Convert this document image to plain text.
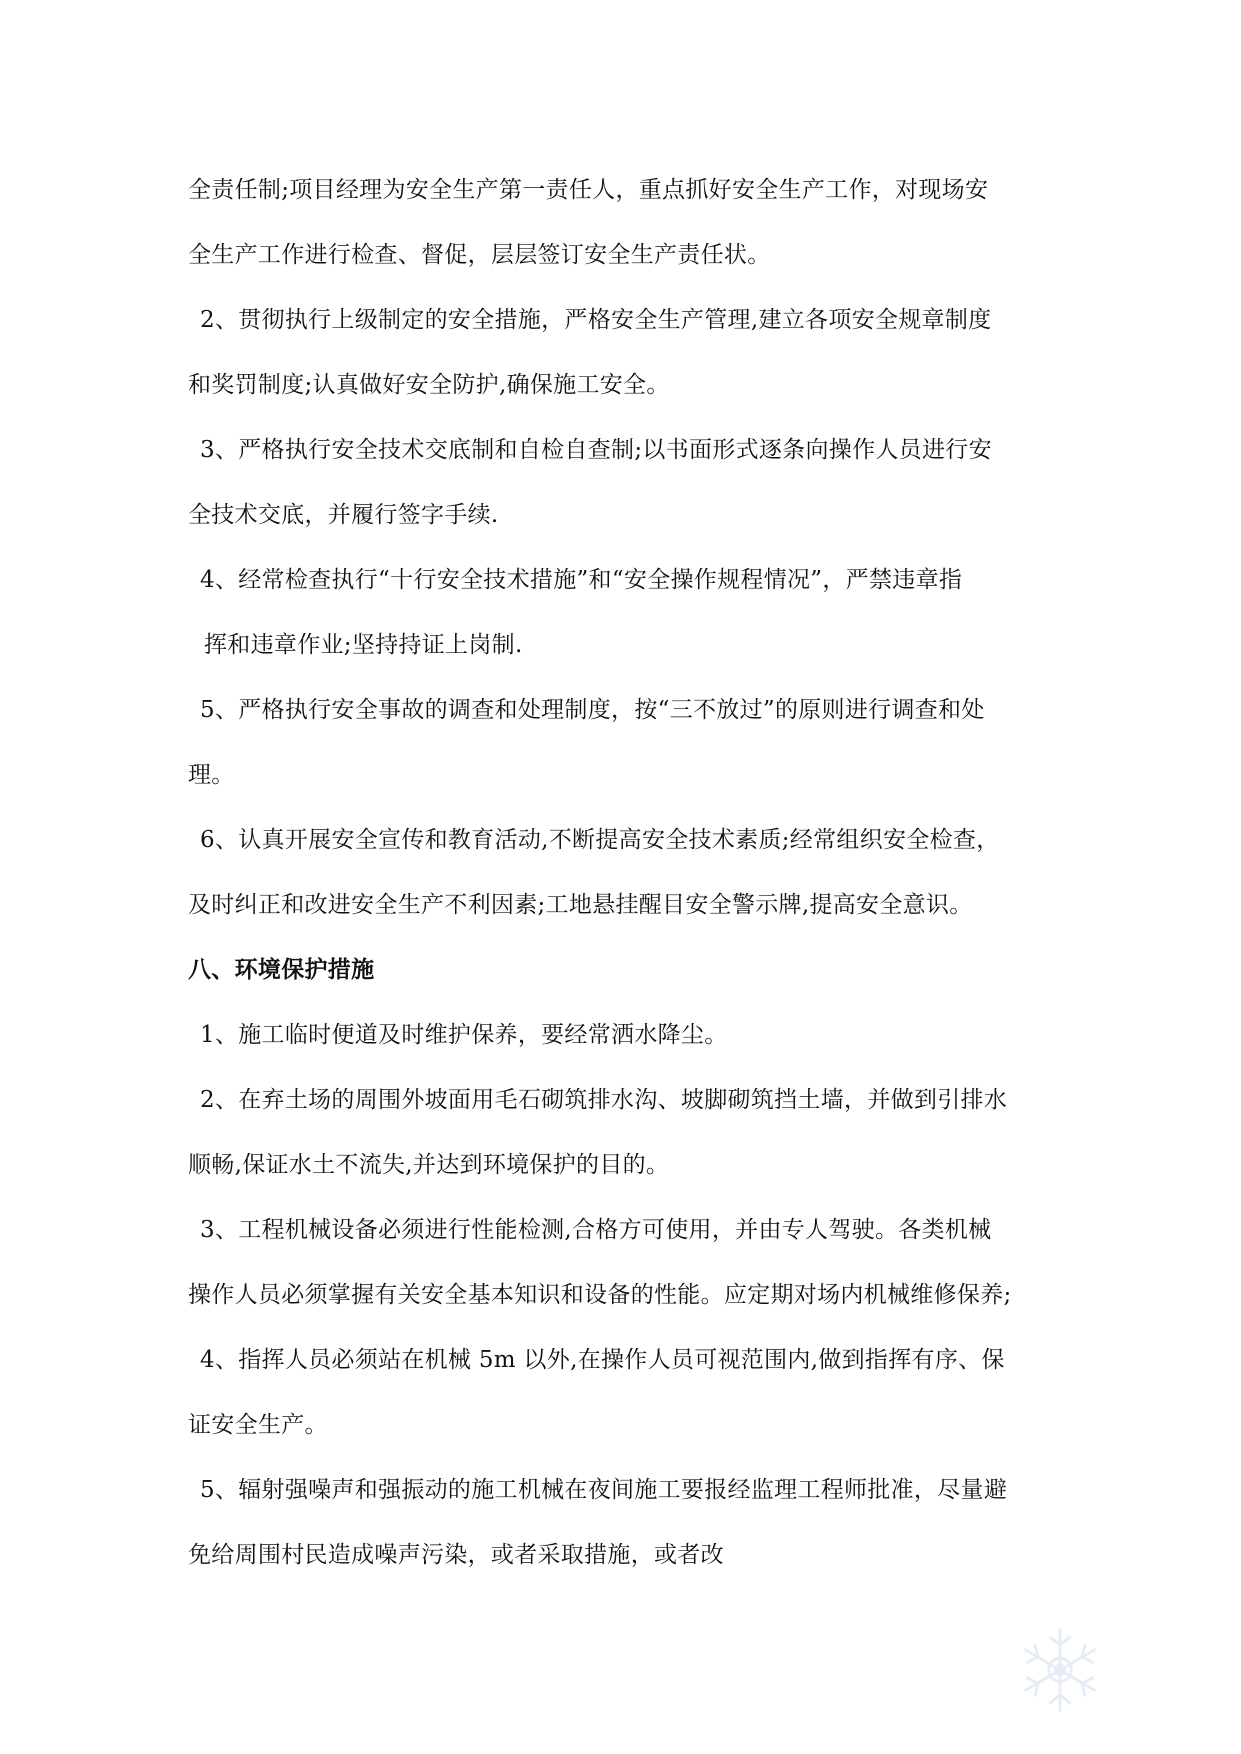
全责任制;项目经理为安全生产第一责任人，重点抓好安全生产工作，对现场安
全生产工作进行检查、督促，层层签订安全生产责任状。
2、贯彻执行上级制定的安全措施，严格安全生产管理,建立各项安全规章制度
和奖罚制度;认真做好安全防护,确保施工安全。
3、严格执行安全技术交底制和自检自查制;以书面形式逐条向操作人员进行安
全技术交底，并履行签字手续.
4、经常检查执行“十行安全技术措施”和“安全操作规程情况”，严禁违章指
挥和违章作业;坚持持证上岗制.
5、严格执行安全事故的调查和处理制度，按“三不放过”的原则进行调查和处
理。
6、认真开展安全宣传和教育活动,不断提高安全技术素质;经常组织安全检查，
及时纠正和改进安全生产不利因素;工地悬挂醒目安全警示牌,提高安全意识。
八、环境保护措施
1、施工临时便道及时维护保养，要经常洒水降尘。
2、在弃土场的周围外坡面用毛石砌筑排水沟、坡脚砌筑挡土墙，并做到引排水
顺畅,保证水土不流失,并达到环境保护的目的。
3、工程机械设备必须进行性能检测,合格方可使用，并由专人驾驶。各类机械
操作人员必须掌握有关安全基本知识和设备的性能。应定期对场内机械维修保养;
4、指挥人员必须站在机械 5m 以外,在操作人员可视范围内,做到指挥有序、保
证安全生产。
5、辐射强噪声和强振动的施工机械在夜间施工要报经监理工程师批准，尽量避
免给周围村民造成噪声污染，或者采取措施，或者改
